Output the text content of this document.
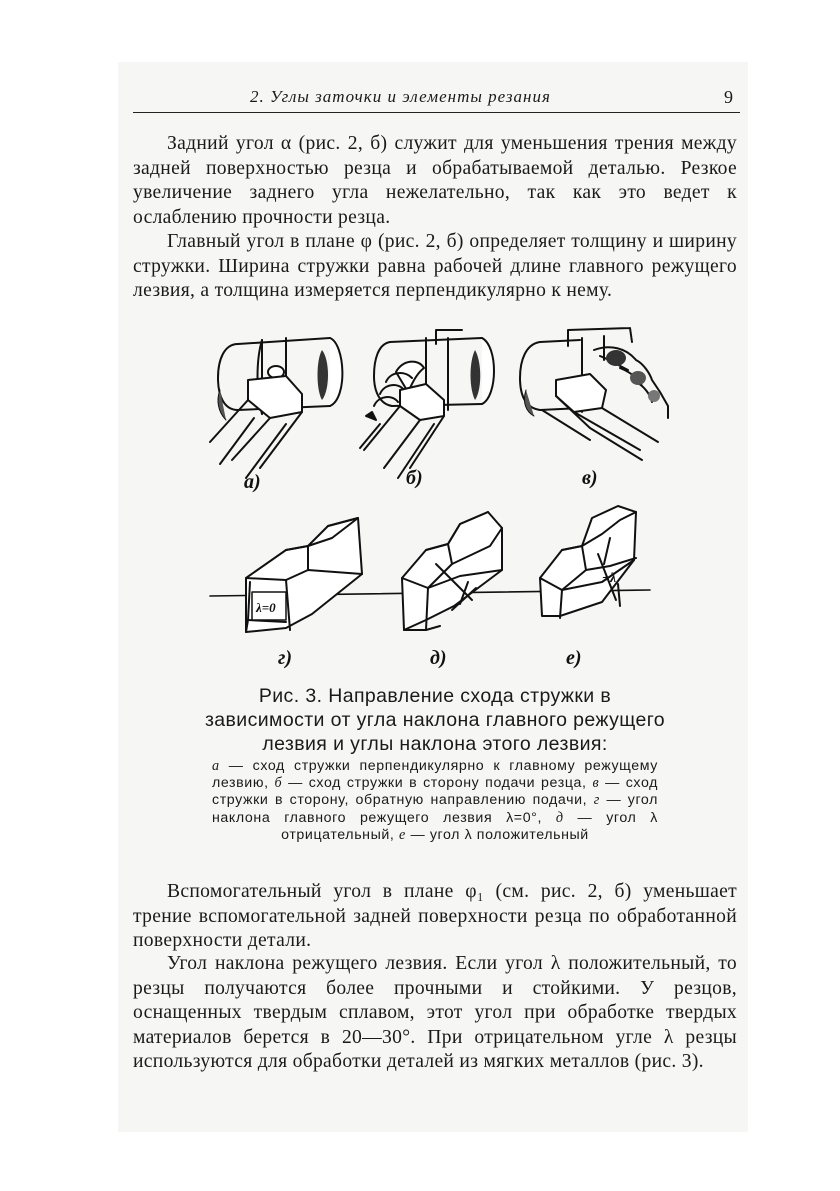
2. Углы заточки и элементы резания	9

Задний угол α (рис. 2, б) служит для уменьшения трения между задней поверхностью резца и обрабатываемой деталью. Резкое увеличение заднего угла нежелательно, так как это ведет к ослаблению прочности резца.

Главный угол в плане φ (рис. 2, б) определяет толщину и ширину стружки. Ширина стружки равна рабочей длине главного режущего лезвия, а толщина измеряется перпендикулярно к нему.

а)	б)	в)
λ=0
+λ
г)	д)	е)

Рис. 3. Направление схода стружки в зависимости от угла наклона главного режущего лезвия и углы наклона этого лезвия:

а — сход стружки перпендикулярно к главному режущему лезвию, б — сход стружки в сторону подачи резца, в — сход стружки в сторону, обратную направлению подачи, г — угол наклона главного режущего лезвия λ=0°, д — угол λ отрицательный, е — угол λ положительный

Вспомогательный угол в плане φ₁ (см. рис. 2, б) уменьшает трение вспомогательной задней поверхности резца по обработанной поверхности детали.

Угол наклона режущего лезвия. Если угол λ положительный, то резцы получаются более прочными и стойкими. У резцов, оснащенных твердым сплавом, этот угол при обработке твердых материалов берется в 20—30°. При отрицательном угле λ резцы используются для обработки деталей из мягких металлов (рис. 3).
